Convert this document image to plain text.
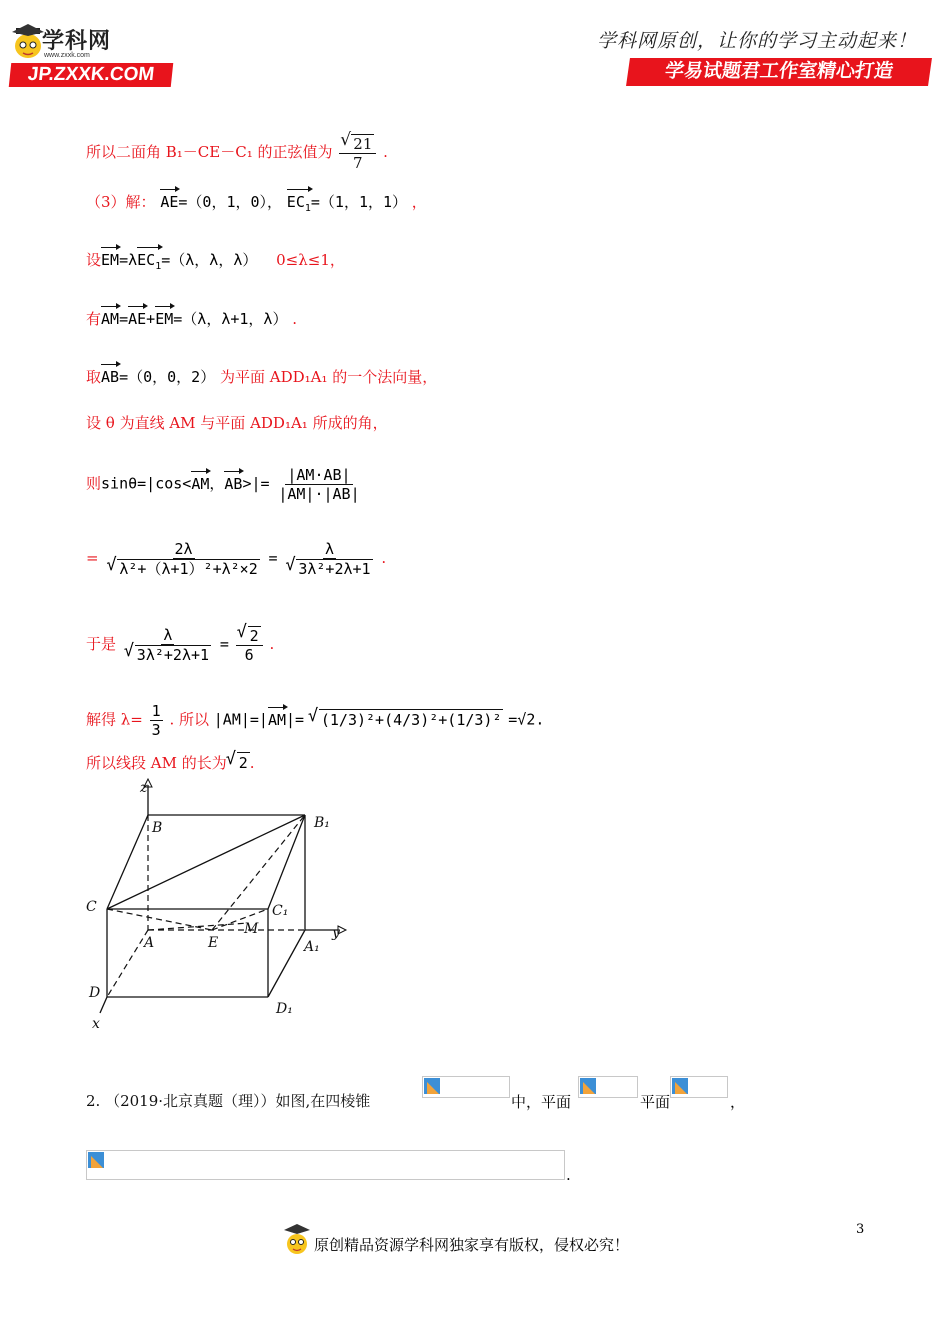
学科网
www.zxxk.com
JP.ZXXK.COM
学科网原创，让你的学习主动起来！
学易试题君工作室精心打造
所以二面角 B₁－CE－C₁ 的正弦值为 √ $\frac{21}{7}$ .
（3）解： AE=（0，1，0）， $EC_1=(1$，1，1） ，
设EM=λEC$_1$=（λ，λ，λ） 0≤λ≤1，
有AM=AE+EM=（λ，λ+1，λ） .
取AB=（0，0，2） 为平面 ADD₁A₁ 的一个法向量，
设 θ 为直线 AM 与平面 ADD₁A₁ 所成的角，
则sinθ=|cos<AM，$AB>|= \frac{|AM\cdot AB|}{|AM|\cdot|AB|}$
= 2λ
√ λ²+（λ+1）²+λ²×2 = λ
√ 3λ²+2λ+1 .
于是 λ
√ 3λ²+2λ+1 = √ $\frac{2}{6}$ .
解得 $\lambda= \frac{1}{3}$ . 所以 |AM|=|AM|= √ (1/3)²+(4/3)²+(1/3)² =√2.
所以线段 AM 的长为 √ 2 .
z
B	B₁
C	C₁
A	E
M	y
A₁
D
D₁
x
2. （2019·北京真题（理））如图,在四棱锥	中，平面	平面	，
.
3
原创精品资源学科网独家享有版权，侵权必究！
